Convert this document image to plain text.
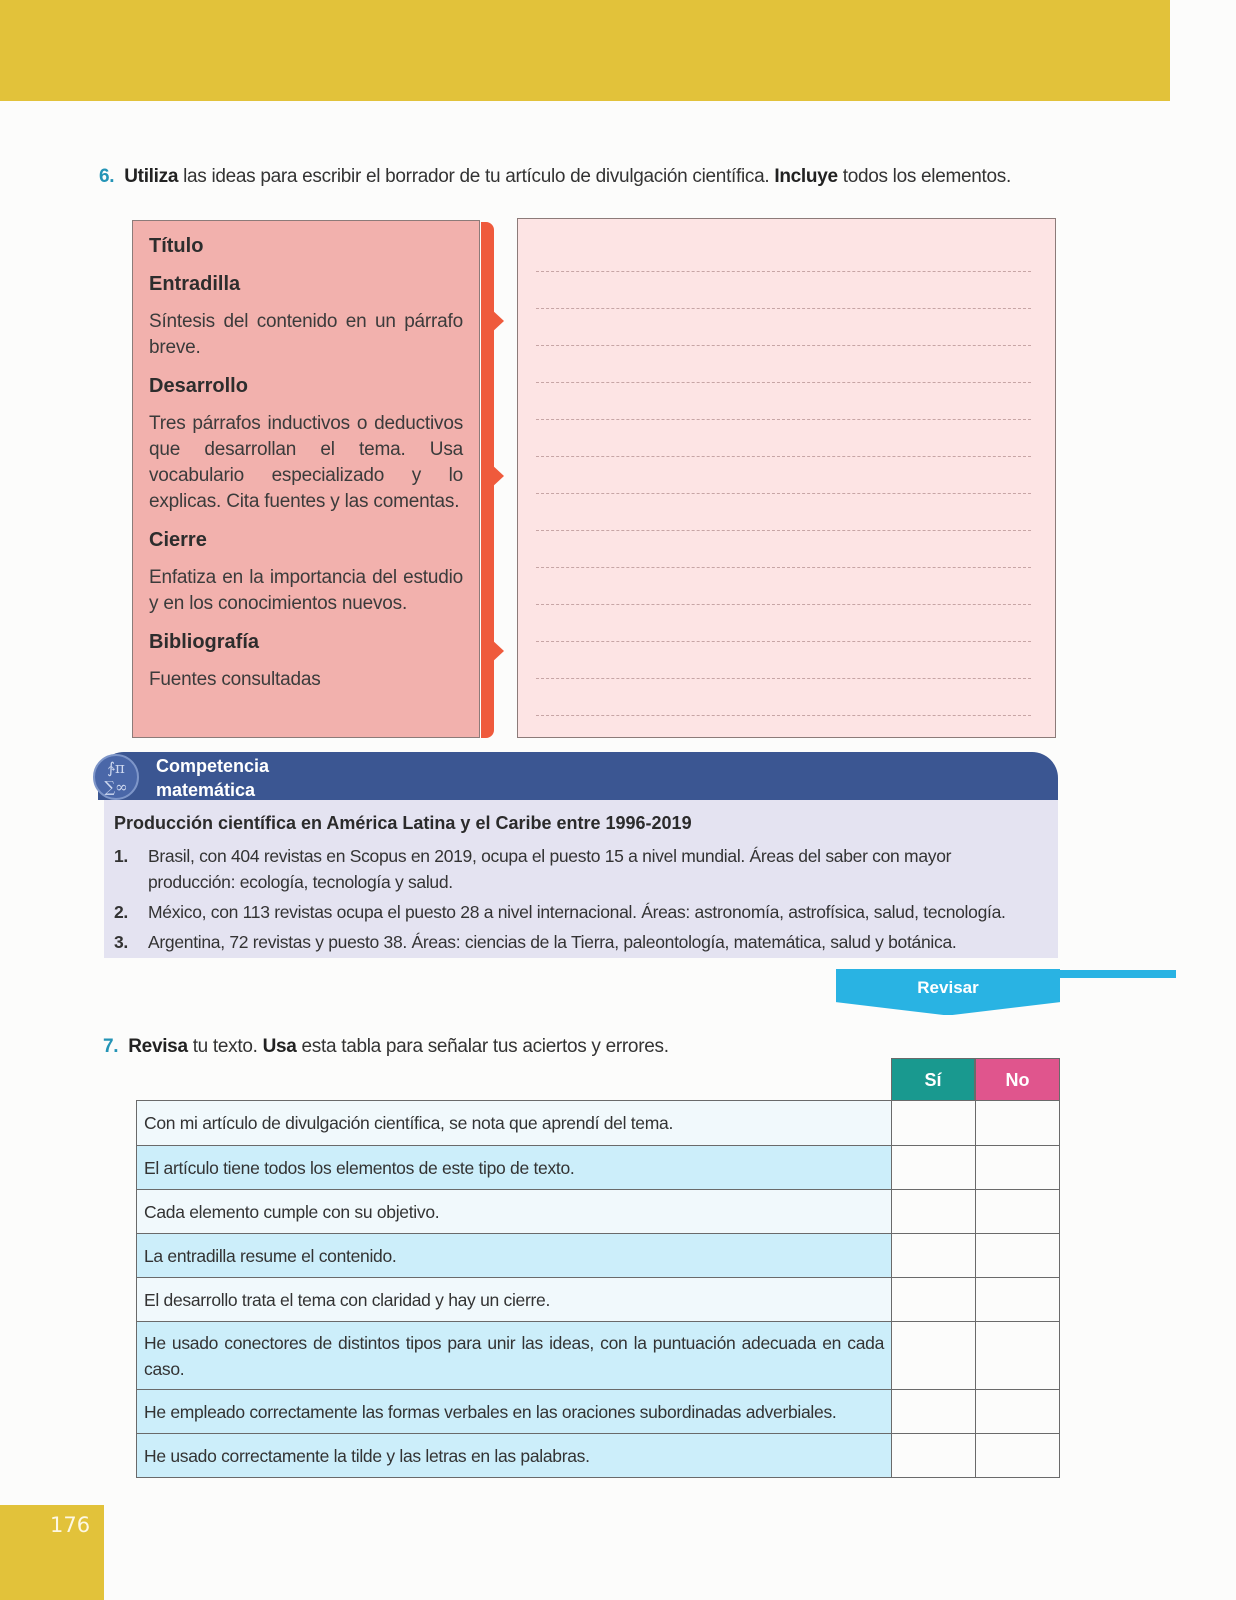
6. Utiliza las ideas para escribir el borrador de tu artículo de divulgación científica. Incluye todos los elementos.
Título
Entradilla
Síntesis del contenido en un párrafo breve.
Desarrollo
Tres párrafos inductivos o deductivos que desarrollan el tema. Usa vocabulario especializado y lo explicas. Cita fuentes y las comentas.
Cierre
Enfatiza en la importancia del estudio y en los conocimientos nuevos.
Bibliografía
Fuentes consultadas
∱π
∑∞
Competencia
matemática
Producción científica en América Latina y el Caribe entre 1996-2019
1.	Brasil, con 404 revistas en Scopus en 2019, ocupa el puesto 15 a nivel mundial. Áreas del saber con mayor producción: ecología, tecnología y salud.
2.	México, con 113 revistas ocupa el puesto 28 a nivel internacional. Áreas: astronomía, astrofísica, salud, tecnología.
3.	Argentina, 72 revistas y puesto 38. Áreas: ciencias de la Tierra, paleontología, matemática, salud y botánica.
Revisar
7. Revisa tu texto. Usa esta tabla para señalar tus aciertos y errores.
Sí	No
Con mi artículo de divulgación científica, se nota que aprendí del tema.		
El artículo tiene todos los elementos de este tipo de texto.		
Cada elemento cumple con su objetivo.		
La entradilla resume el contenido.		
El desarrollo trata el tema con claridad y hay un cierre.		
He usado conectores de distintos tipos para unir las ideas, con la puntuación adecuada en cada caso.		
He empleado correctamente las formas verbales en las oraciones subordinadas adverbiales.		
He usado correctamente la tilde y las letras en las palabras.		
176
